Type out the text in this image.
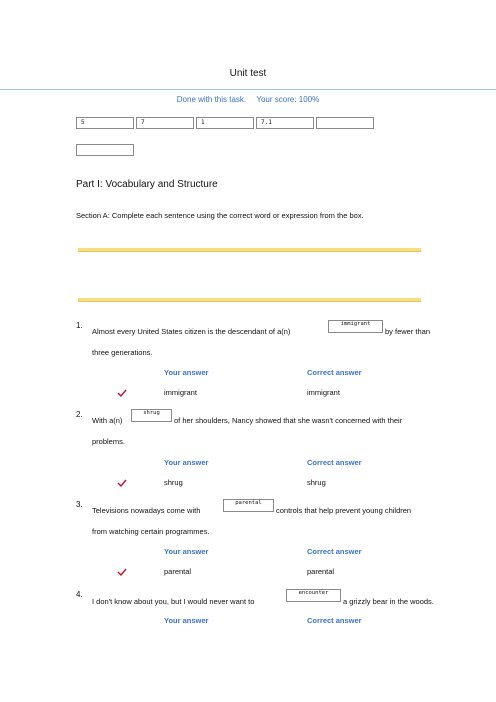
Unit test
Done with this task. Your score: 100%
5	7	1	7.1
Part I: Vocabulary and Structure
Section A: Complete each sentence using the correct word or expression from the box.
1.
Almost every United States citizen is the descendant of a(n)
immigrant
by fewer than
three generations.
Your answer	Correct answer
immigrant	immigrant
2.
With a(n)
shrug
of her shoulders, Nancy showed that she wasn't concerned with their
problems.
Your answer	Correct answer
shrug	shrug
3.
Televisions nowadays come with
parental
controls that help prevent young children
from watching certain programmes.
Your answer	Correct answer
parental	parental
4.
I don't know about you, but I would never want to
encounter
a grizzly bear in the woods.
Your answer	Correct answer
